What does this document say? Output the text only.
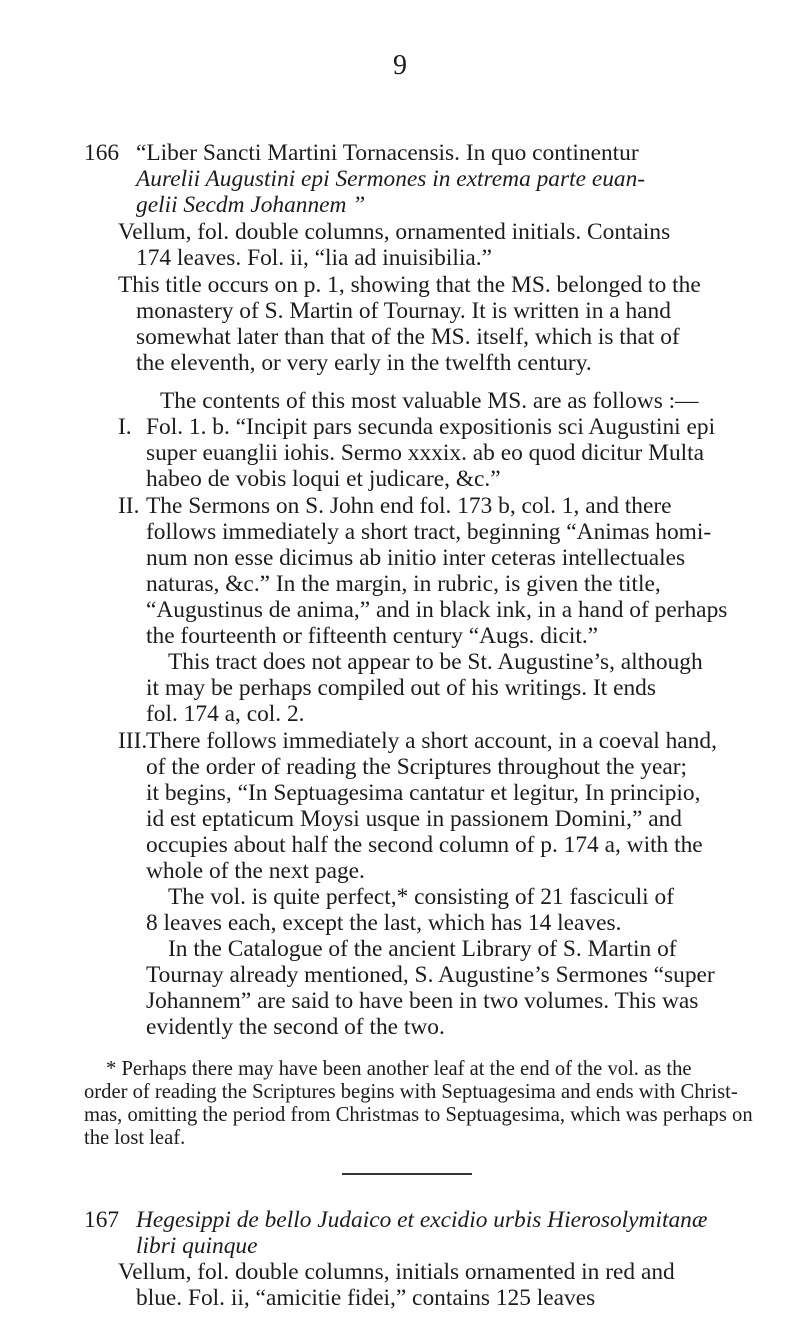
9
166 “Liber Sancti Martini Tornacensis. In quo continentur
Aurelii Augustini epi Sermones in extrema parte euan-
gelii Secdm Johannem ”
Vellum, fol. double columns, ornamented initials. Contains
174 leaves. Fol. ii, “lia ad inuisibilia.”
This title occurs on p. 1, showing that the MS. belonged to the
monastery of S. Martin of Tournay. It is written in a hand
somewhat later than that of the MS. itself, which is that of
the eleventh, or very early in the twelfth century.
The contents of this most valuable MS. are as follows :—
I. Fol. 1. b. “Incipit pars secunda expositionis sci Augustini epi
super euanglii iohis. Sermo xxxix. ab eo quod dicitur Multa
habeo de vobis loqui et judicare, &c.”
II. The Sermons on S. John end fol. 173 b, col. 1, and there
follows immediately a short tract, beginning “Animas homi-
num non esse dicimus ab initio inter ceteras intellectuales
naturas, &c.” In the margin, in rubric, is given the title,
“Augustinus de anima,” and in black ink, in a hand of perhaps
the fourteenth or fifteenth century “Augs. dicit.”
This tract does not appear to be St. Augustine’s, although
it may be perhaps compiled out of his writings. It ends
fol. 174 a, col. 2.
III.There follows immediately a short account, in a coeval hand,
of the order of reading the Scriptures throughout the year;
it begins, “In Septuagesima cantatur et legitur, In principio,
id est eptaticum Moysi usque in passionem Domini,” and
occupies about half the second column of p. 174 a, with the
whole of the next page.
The vol. is quite perfect,* consisting of 21 fasciculi of
8 leaves each, except the last, which has 14 leaves.
In the Catalogue of the ancient Library of S. Martin of
Tournay already mentioned, S. Augustine’s Sermones “super
Johannem” are said to have been in two volumes. This was
evidently the second of the two.
* Perhaps there may have been another leaf at the end of the vol. as the
order of reading the Scriptures begins with Septuagesima and ends with Christ-
mas, omitting the period from Christmas to Septuagesima, which was perhaps on
the lost leaf.
167 Hegesippi de bello Judaico et excidio urbis Hierosolymitanæ
libri quinque
Vellum, fol. double columns, initials ornamented in red and
blue. Fol. ii, “amicitie fidei,” contains 125 leaves
